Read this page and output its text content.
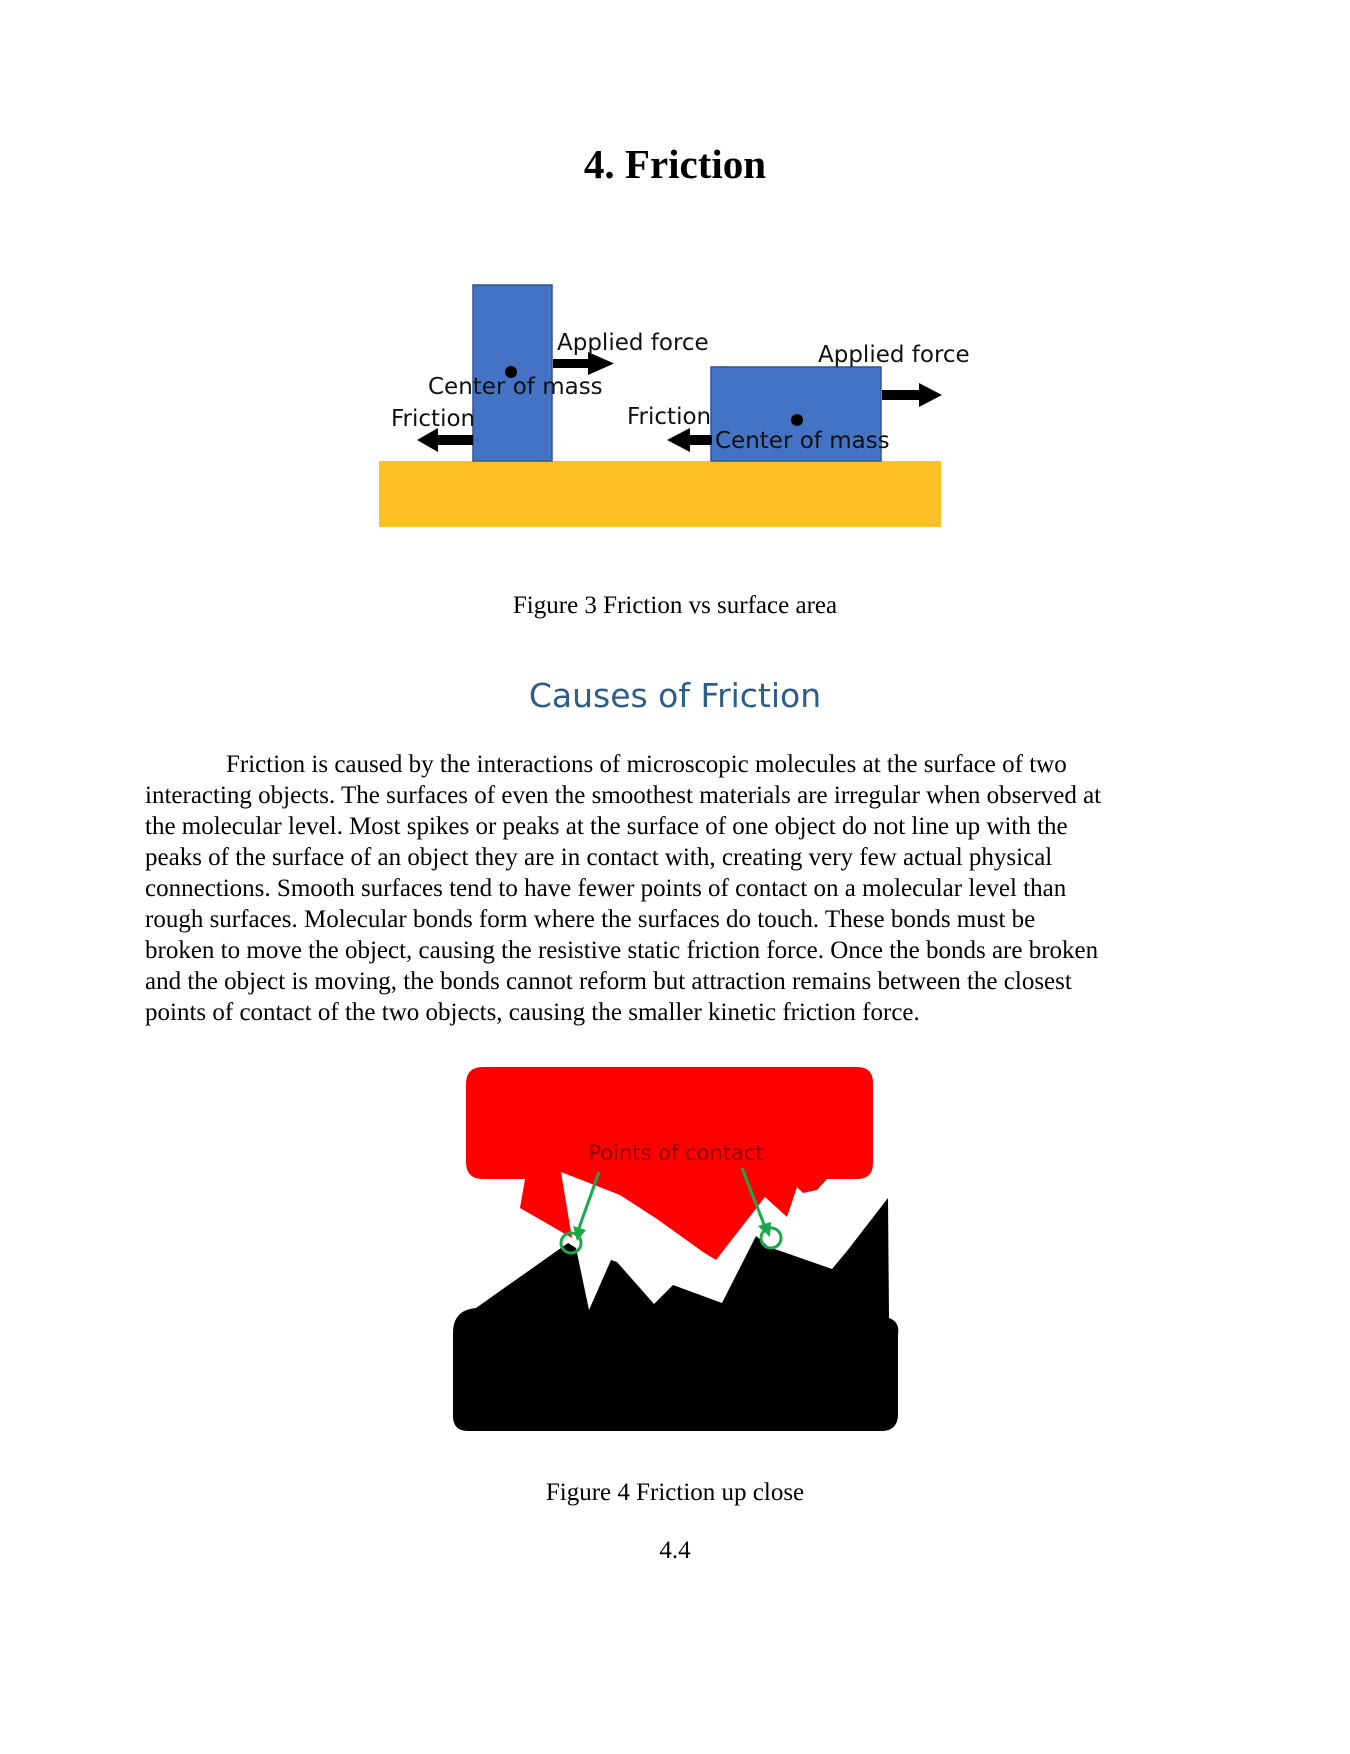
4. Friction
Applied force
Center of mass
Friction
Applied force
Friction
Center of mass
Figure 3 Friction vs surface area
Causes of Friction
Friction is caused by the interactions of microscopic molecules at the surface of two
interacting objects. The surfaces of even the smoothest materials are irregular when observed at
the molecular level. Most spikes or peaks at the surface of one object do not line up with the
peaks of the surface of an object they are in contact with, creating very few actual physical
connections. Smooth surfaces tend to have fewer points of contact on a molecular level than
rough surfaces. Molecular bonds form where the surfaces do touch. These bonds must be
broken to move the object, causing the resistive static friction force. Once the bonds are broken
and the object is moving, the bonds cannot reform but attraction remains between the closest
points of contact of the two objects, causing the smaller kinetic friction force.
Points of contact
Figure 4 Friction up close
4.4
